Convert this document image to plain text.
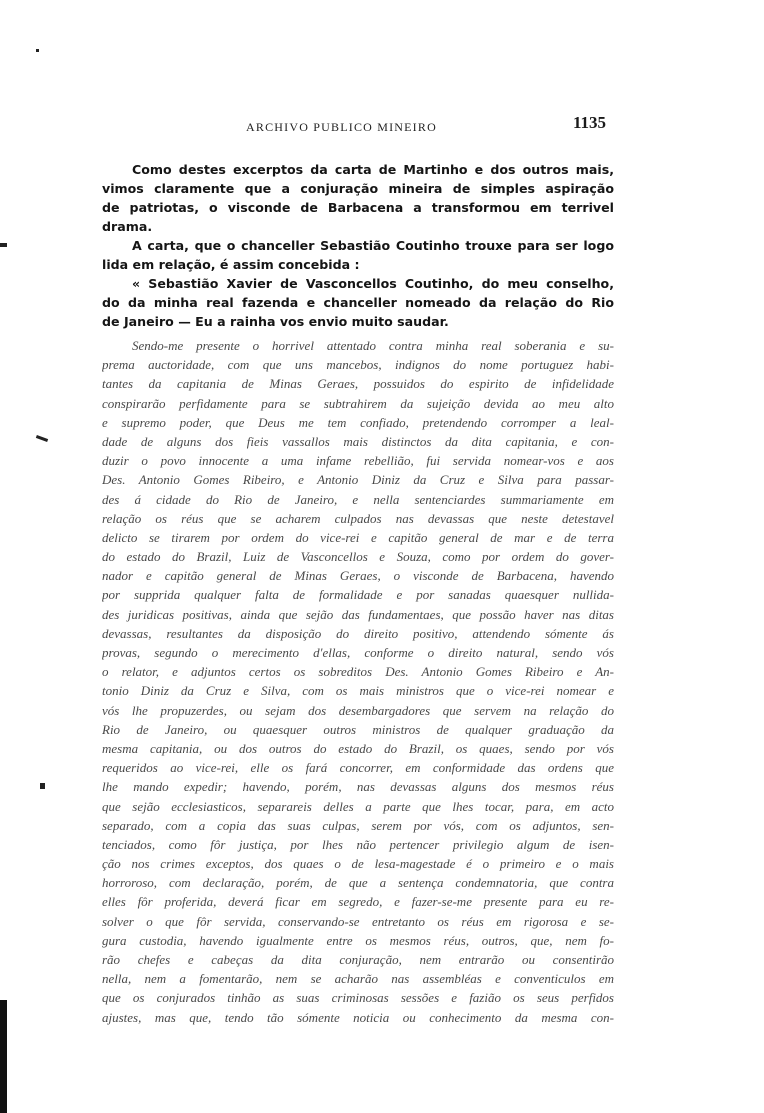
ARCHIVO PUBLICO MINEIRO	1135
Como destes excerptos da carta de Martinho e dos outros mais,
vimos claramente que a conjuração mineira de simples aspiração
de patriotas, o visconde de Barbacena a transformou em terrivel
drama.
A carta, que o chanceller Sebastião Coutinho trouxe para ser logo
lida em relação, é assim concebida :
« Sebastião Xavier de Vasconcellos Coutinho, do meu conselho,
do da minha real fazenda e chanceller nomeado da relação do Rio
de Janeiro — Eu a rainha vos envio muito saudar.
Sendo-me presente o horrivel attentado contra minha real soberania e su-
prema auctoridade, com que uns mancebos, indignos do nome portuguez habi-
tantes da capitania de Minas Geraes, possuidos do espirito de infidelidade
conspirarão perfidamente para se subtrahirem da sujeição devida ao meu alto
e supremo poder, que Deus me tem confiado, pretendendo corromper a leal-
dade de alguns dos fieis vassallos mais distinctos da dita capitania, e con-
duzir o povo innocente a uma infame rebellião, fui servida nomear-vos e aos
Des. Antonio Gomes Ribeiro, e Antonio Diniz da Cruz e Silva para passar-
des á cidade do Rio de Janeiro, e nella sentenciardes summariamente em
relação os réus que se acharem culpados nas devassas que neste detestavel
delicto se tirarem por ordem do vice-rei e capitão general de mar e de terra
do estado do Brazil, Luiz de Vasconcellos e Souza, como por ordem do gover-
nador e capitão general de Minas Geraes, o visconde de Barbacena, havendo
por supprida qualquer falta de formalidade e por sanadas quaesquer nullida-
des juridicas positivas, ainda que sejão das fundamentaes, que possão haver nas ditas
devassas, resultantes da disposição do direito positivo, attendendo sómente ás
provas, segundo o merecimento d'ellas, conforme o direito natural, sendo vós
o relator, e adjuntos certos os sobreditos Des. Antonio Gomes Ribeiro e An-
tonio Diniz da Cruz e Silva, com os mais ministros que o vice-rei nomear e
vós lhe propuzerdes, ou sejam dos desembargadores que servem na relação do
Rio de Janeiro, ou quaesquer outros ministros de qualquer graduação da
mesma capitania, ou dos outros do estado do Brazil, os quaes, sendo por vós
requeridos ao vice-rei, elle os fará concorrer, em conformidade das ordens que
lhe mando expedir; havendo, porém, nas devassas alguns dos mesmos réus
que sejão ecclesiasticos, separareis delles a parte que lhes tocar, para, em acto
separado, com a copia das suas culpas, serem por vós, com os adjuntos, sen-
tenciados, como fôr justiça, por lhes não pertencer privilegio algum de isen-
ção nos crimes exceptos, dos quaes o de lesa-magestade é o primeiro e o mais
horroroso, com declaração, porém, de que a sentença condemnatoria, que contra
elles fôr proferida, deverá ficar em segredo, e fazer-se-me presente para eu re-
solver o que fôr servida, conservando-se entretanto os réus em rigorosa e se-
gura custodia, havendo igualmente entre os mesmos réus, outros, que, nem fo-
rão chefes e cabeças da dita conjuração, nem entrarão ou consentirão
nella, nem a fomentarão, nem se acharão nas assembléas e conventiculos em
que os conjurados tinhão as suas criminosas sessões e fazião os seus perfidos
ajustes, mas que, tendo tão sómente noticia ou conhecimento da mesma con-
